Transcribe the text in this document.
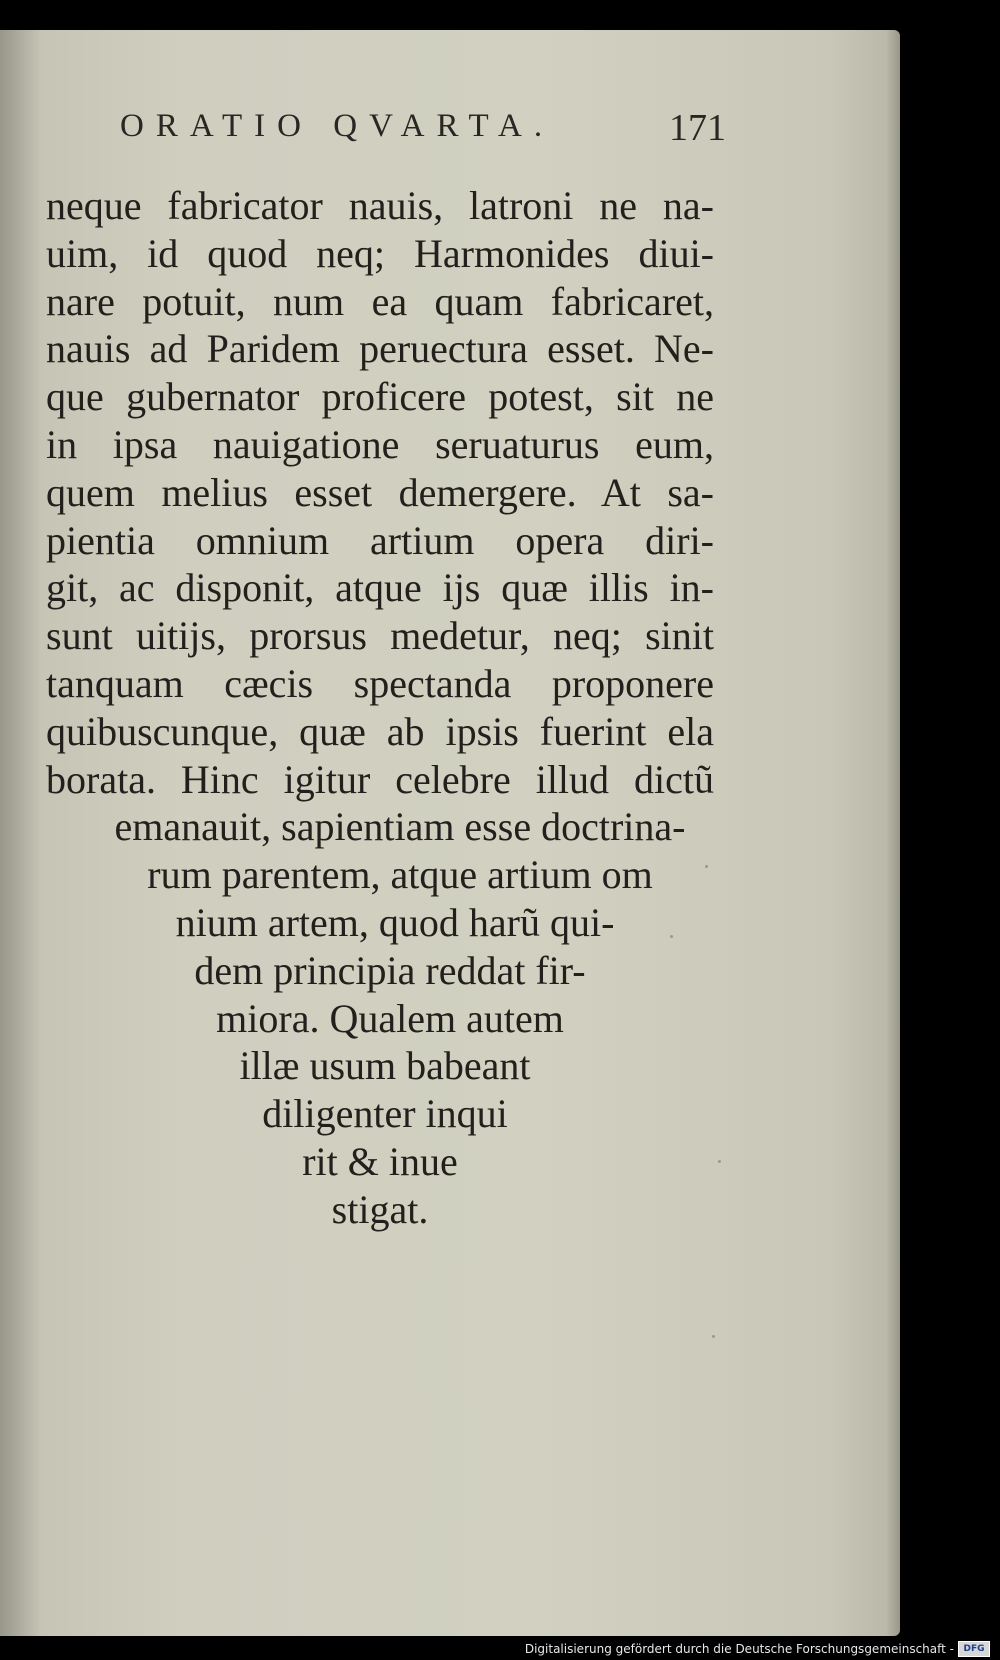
ORATIO QVARTA.	171
neque fabricator nauis, latroni ne na-
uim, id quod neq; Harmonides diui-
nare potuit, num ea quam fabricaret,
nauis ad Paridem peruectura esset. Ne-
que gubernator proficere potest, sit ne
in ipsa nauigatione seruaturus eum,
quem melius esset demergere. At sa-
pientia omnium artium opera diri-
git, ac disponit, atque ijs quæ illis in-
sunt uitijs, prorsus medetur, neq; sinit
tanquam cæcis spectanda proponere
quibuscunque, quæ ab ipsis fuerint ela
borata. Hinc igitur celebre illud dictũ
emanauit, sapientiam esse doctrina-
rum parentem, atque artium om
nium artem, quod harũ qui-
dem principia reddat fir-
miora. Qualem autem
illæ usum babeant
diligenter inqui
rit & inue
stigat.
Digitalisierung gefördert durch die Deutsche Forschungsgemeinschaft -	DFG
